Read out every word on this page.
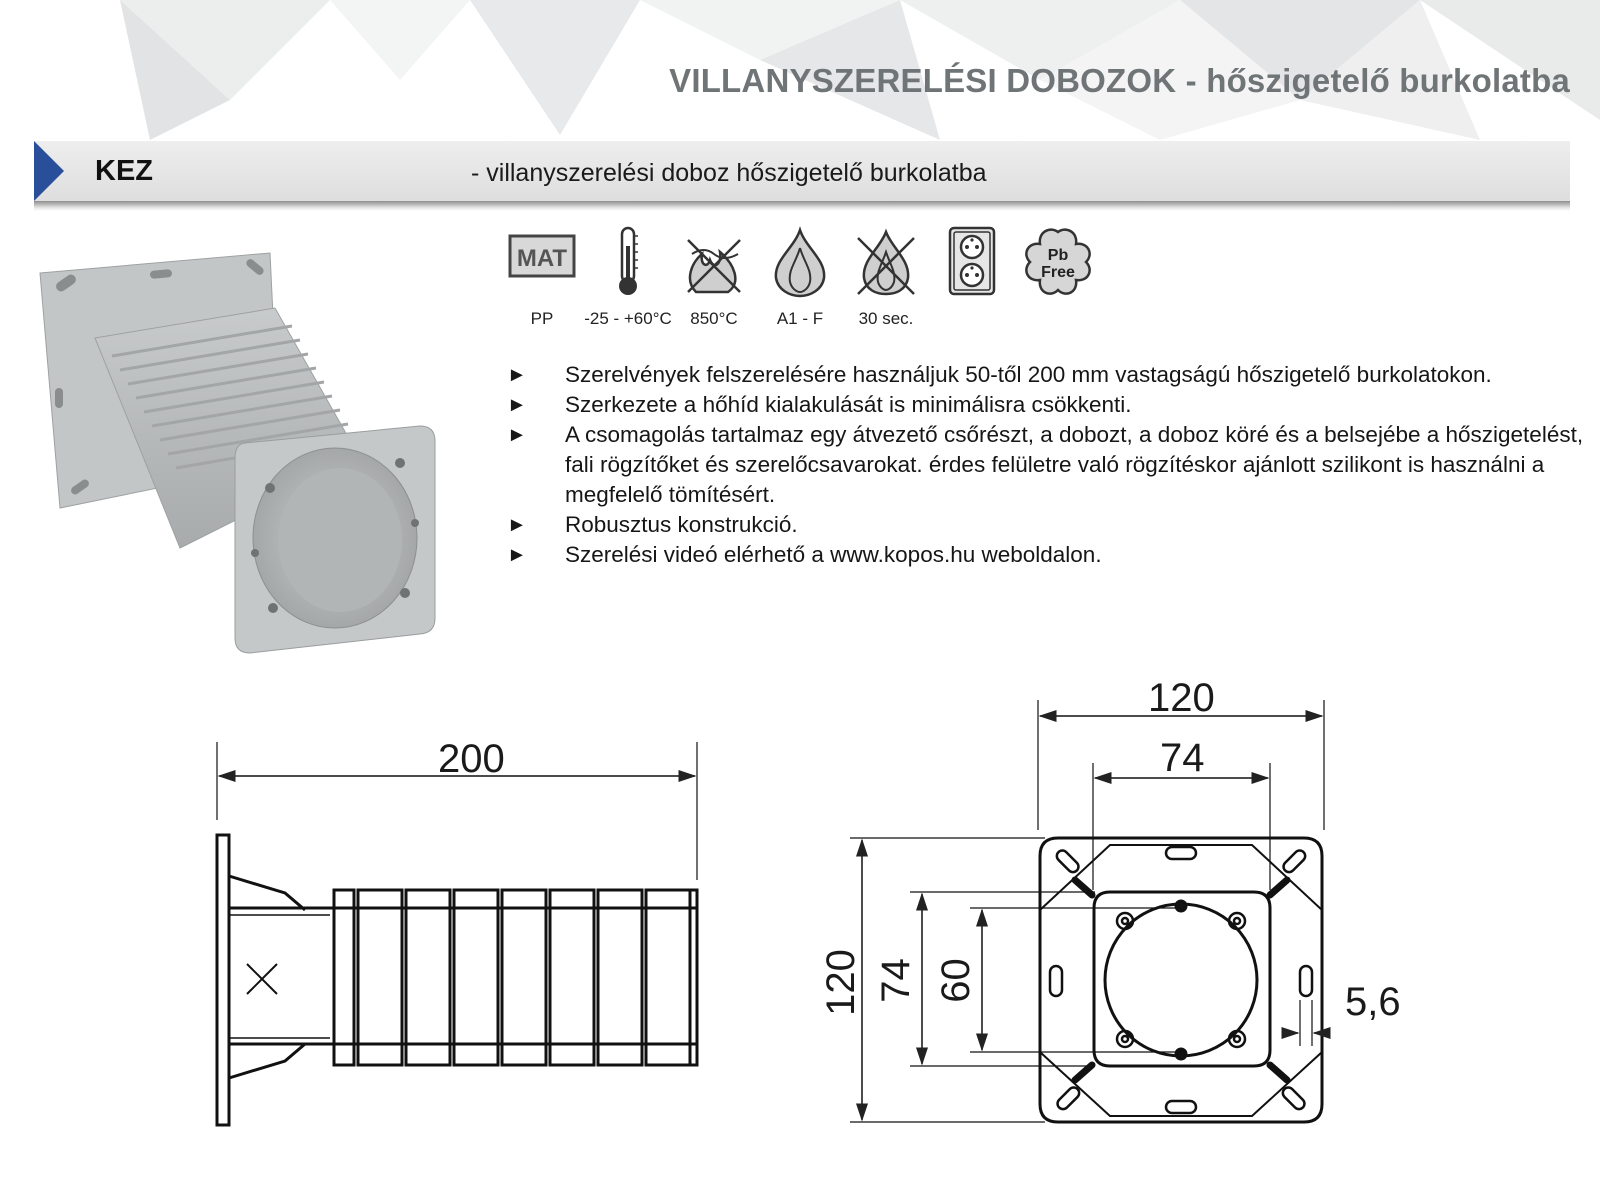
VILLANYSZERELÉSI DOBOZOK - hőszigetelő burkolatba
KEZ	- villanyszerelési doboz hőszigetelő burkolatba
MAT	Pb
Free
PP	-25 - +60°C	850°C	A1 - F	30 sec.
► Szerelvények felszerelésére használjuk 50-től 200 mm vastagságú hőszigetelő burkolatokon.
► Szerkezete a hőhíd kialakulását is minimálisra csökkenti.
► A csomagolás tartalmaz egy átvezető csőrészt, a dobozt, a doboz köré és a belsejébe a hőszigetelést, fali rögzítőket és szerelőcsavarokat. érdes felületre való rögzítéskor ajánlott szilikont is használni a megfelelő tömítésért.
► Robusztus konstrukció.
► Szerelési videó elérhető a www.kopos.hu weboldalon.
200
120
74
120 74 60	5,6
